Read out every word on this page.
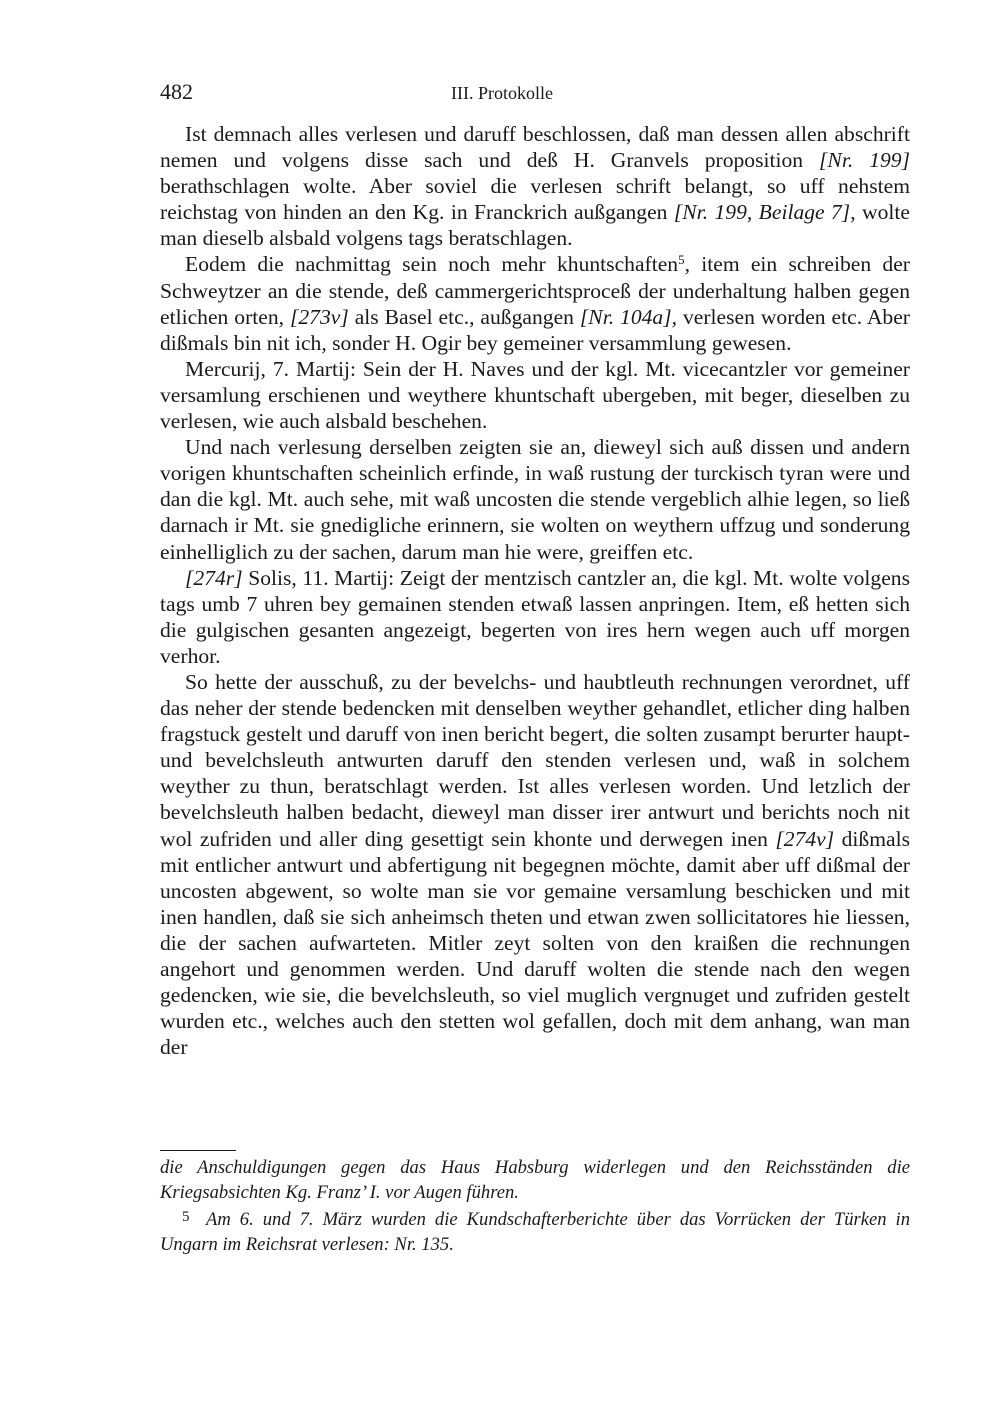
482	III. Protokolle

Ist demnach alles verlesen und daruff beschlossen, daß man dessen allen abschrift nemen und volgens disse sach und deß H. Granvels proposition [Nr. 199] berathschlagen wolte. Aber soviel die verlesen schrift belangt, so uff nehstem reichstag von hinden an den Kg. in Franckrich außgangen [Nr. 199, Beilage 7], wolte man dieselb alsbald volgens tags beratschlagen.

Eodem die nachmittag sein noch mehr khuntschaften$^5$, item ein schreiben der Schweytzer an die stende, deß cammergerichtsproceß der underhaltung halben gegen etlichen orten, [273v] als Basel etc., außgangen [Nr. 104a], verlesen worden etc. Aber dißmals bin nit ich, sonder H. Ogir bey gemeiner versammlung gewesen.

Mercurij, 7. Martij: Sein der H. Naves und der kgl. Mt. vicecantzler vor gemeiner versamlung erschienen und weythere khuntschaft ubergeben, mit beger, dieselben zu verlesen, wie auch alsbald beschehen.

Und nach verlesung derselben zeigten sie an, dieweyl sich auß dissen und andern vorigen khuntschaften scheinlich erfinde, in waß rustung der turckisch tyran were und dan die kgl. Mt. auch sehe, mit waß uncosten die stende vergeblich alhie legen, so ließ darnach ir Mt. sie gnedigliche erinnern, sie wolten on weythern uffzug und sonderung einhelliglich zu der sachen, darum man hie were, greiffen etc.

[274r] Solis, 11. Martij: Zeigt der mentzisch cantzler an, die kgl. Mt. wolte volgens tags umb 7 uhren bey gemainen stenden etwaß lassen anpringen. Item, eß hetten sich die gulgischen gesanten angezeigt, begerten von ires hern wegen auch uff morgen verhor.

So hette der ausschuß, zu der bevelchs- und haubtleuth rechnungen verordnet, uff das neher der stende bedencken mit denselben weyther gehandlet, etlicher ding halben fragstuck gestelt und daruff von inen bericht begert, die solten zusampt berurter haupt- und bevelchsleuth antwurten daruff den stenden verlesen und, waß in solchem weyther zu thun, beratschlagt werden. Ist alles verlesen worden. Und letzlich der bevelchsleuth halben bedacht, dieweyl man disser irer antwurt und berichts noch nit wol zufriden und aller ding gesettigt sein khonte und derwegen inen [274v] dißmals mit entlicher antwurt und abfertigung nit begegnen möchte, damit aber uff dißmal der uncosten abgewent, so wolte man sie vor gemaine versamlung beschicken und mit inen handlen, daß sie sich anheimsch theten und etwan zwen sollicitatores hie liessen, die der sachen aufwarteten. Mitler zeyt solten von den kraißen die rechnungen angehort und genommen werden. Und daruff wolten die stende nach den wegen gedencken, wie sie, die bevelchsleuth, so viel muglich vergnuget und zufriden gestelt wurden etc., welches auch den stetten wol gefallen, doch mit dem anhang, wan man der

die Anschuldigungen gegen das Haus Habsburg widerlegen und den Reichsständen die Kriegsabsichten Kg. Franz’ I. vor Augen führen.

5 Am 6. und 7. März wurden die Kundschafterberichte über das Vorrücken der Türken in Ungarn im Reichsrat verlesen: Nr. 135.
